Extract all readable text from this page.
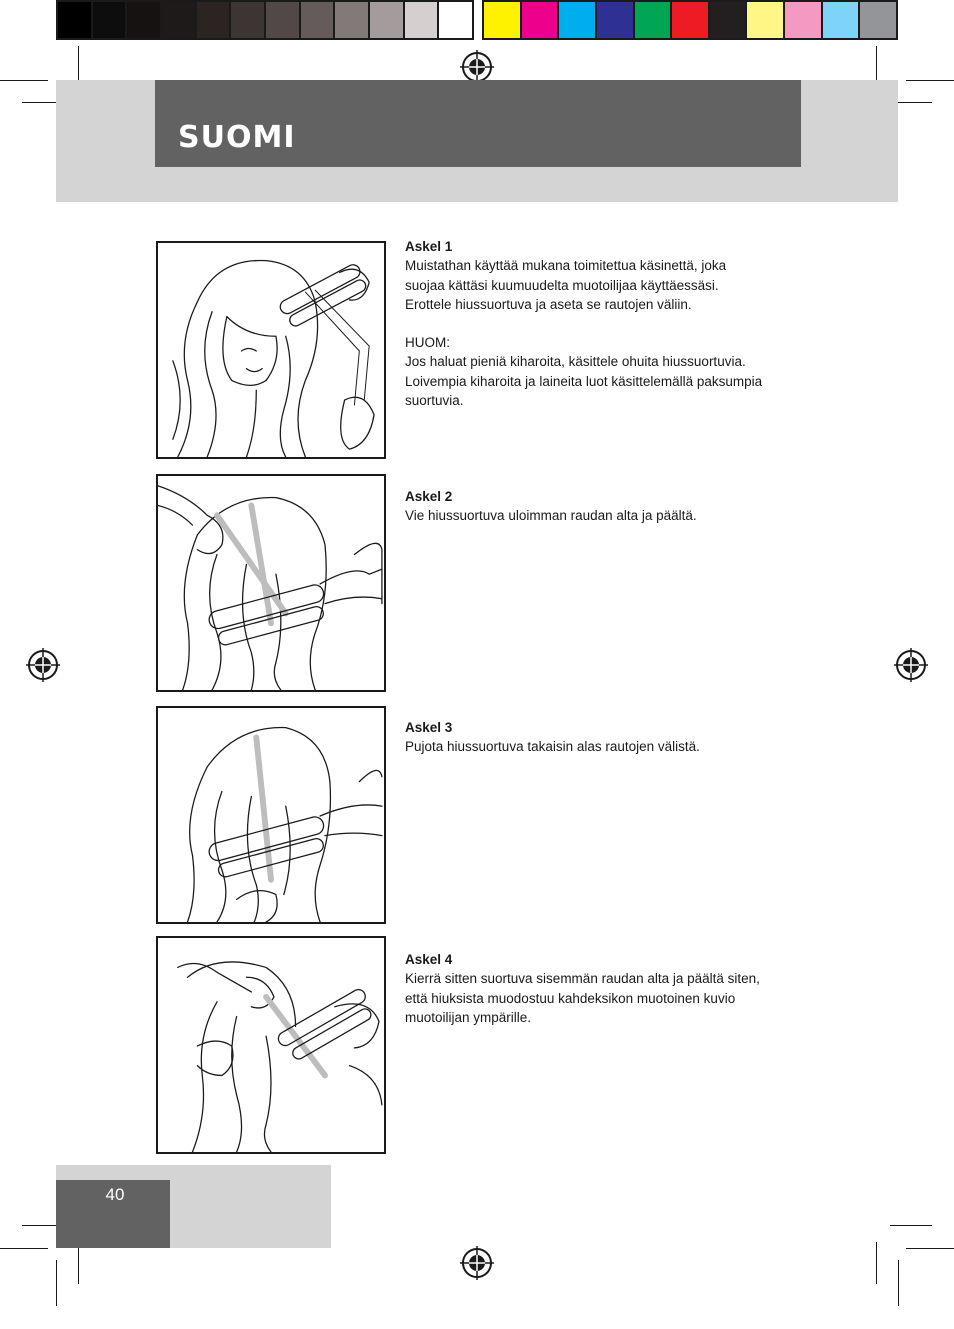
SUOMI

Askel 1

Muistathan käyttää mukana toimitettua käsinettä, joka

suojaa kättäsi kuumuudelta muotoilijaa käyttäessäsi.

Erottele hiussuortuva ja aseta se rautojen väliin.

HUOM:

Jos haluat pieniä kiharoita, käsittele ohuita hiussuortuvia.

Loivempia kiharoita ja laineita luot käsittelemällä paksumpia

suortuvia.

Askel 2

Vie hiussuortuva uloimman raudan alta ja päältä.

Askel 3

Pujota hiussuortuva takaisin alas rautojen välistä.

Askel 4

Kierrä sitten suortuva sisemmän raudan alta ja päältä siten,

että hiuksista muodostuu kahdeksikon muotoinen kuvio

muotoilijan ympärille.

40
